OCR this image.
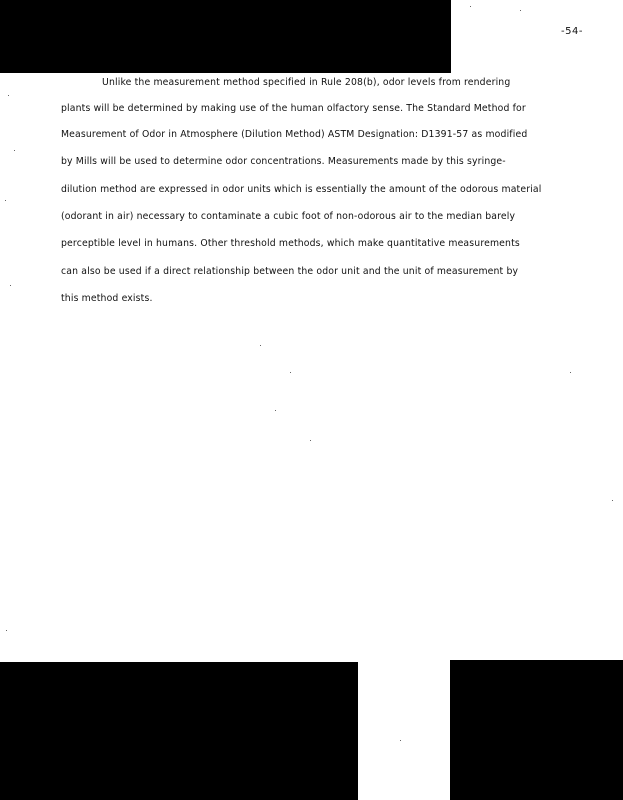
-54-
Unlike the measurement method specified in Rule 208(b), odor levels from rendering
plants will be determined by making use of the human olfactory sense. The Standard Method for
Measurement of Odor in Atmosphere (Dilution Method) ASTM Designation: D1391-57 as modified
by Mills will be used to determine odor concentrations. Measurements made by this syringe-
dilution method are expressed in odor units which is essentially the amount of the odorous material
(odorant in air) necessary to contaminate a cubic foot of non-odorous air to the median barely
perceptible level in humans. Other threshold methods, which make quantitative measurements
can also be used if a direct relationship between the odor unit and the unit of measurement by
this method exists.
